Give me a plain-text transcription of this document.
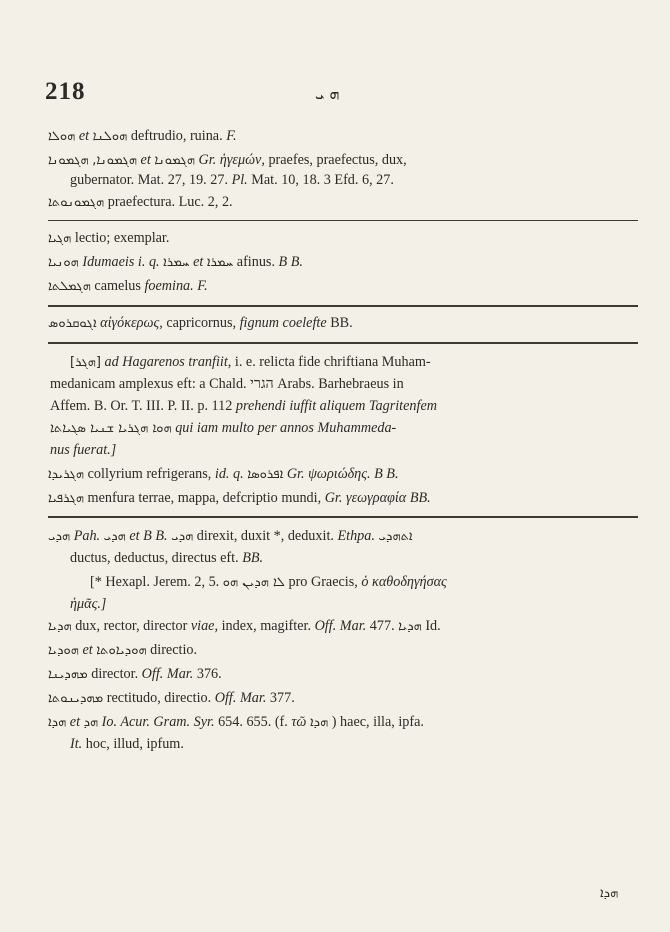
218	ܗ ܝ
ܗܘܠܐ et ܗܘܠܢܐ deftrudio, ruina. F.
ܗܓܡܘܢܐ, ܗܓܡܘܢܐ	et ܗܓܡܘܢܐ Gr. ἡγεμών, praefes, praefectus, dux,
gubernator. Mat. 27, 19. 27. Pl. Mat. 10, 18. 3 Efd. 6, 27.
ܗܓܡܘܢܘܬܐ praefectura. Luc. 2, 2.
ܗܓܝܐ lectio; exemplar.
ܗܘܢܝܐ Idumaeis i. q. ܚܡܪܐ et ܚܡܪܐ afinus. B B.
ܗܓܡܠܬܐ camelus foemina. F.
ܐܓܘܩܪܘܣ αἰγόκερως, capricornus, fignum coelefte BB.
[ܗܓܪ] ad Hagarenos tranfiit, i. e. relicta fide chriftiana Muham-
medanicam amplexus eft: a Chald. הגרי Arabs. Barhebraeus in
Affem. B. Or. T. III. P. II. p. 112 prehendi iuffit aliquem Tagritenfem
ܗܘܐ ܗܓܪܝܐ ܫܢܝܐ ܣܓܝܐܬܐ qui iam multo per annos Muhammeda-
nus fuerat.]
ܗܓܪܝܕܐ collyrium refrigerans, id. q. ܐܦܪܘܣܐ Gr. ψωριώδης. B B.
ܗܓܪܦܝܐ menfura terrae, mappa, defcriptio mundi, Gr. γεωγραφία BB.
ܗܕܝ Pah. ܗܕܝ et B B. ܗܕܝ direxit, duxit *, deduxit. Ethpa. ܐܬܗܕܝ
ductus, deductus, directus eft. BB.
[* Hexapl. Jerem. 2, 5. ܠܐ ܗܕܝܢ ܗܘ pro Graecis, ὁ καθοδηγήσας
ἡμᾶς.]
ܗܕܝܐ dux, rector, director viae, index, magifter. Off. Mar. 477. ܗܕܝܐ Id.
ܗܘܕܝܐ et ܗܘܕܝܐܘܬܐ directio.
ܡܗܕܝܢܐ director. Off. Mar. 376.
ܡܗܕܝܢܘܬܐ rectitudo, directio. Off. Mar. 377.
ܗܕܐ et ܗܕ Io. Acur. Gram. Syr. 654. 655. (f. τῶ ܗܕܐ ) haec, illa, ipfa.
It. hoc, illud, ipfum.
ܗܕܐ
